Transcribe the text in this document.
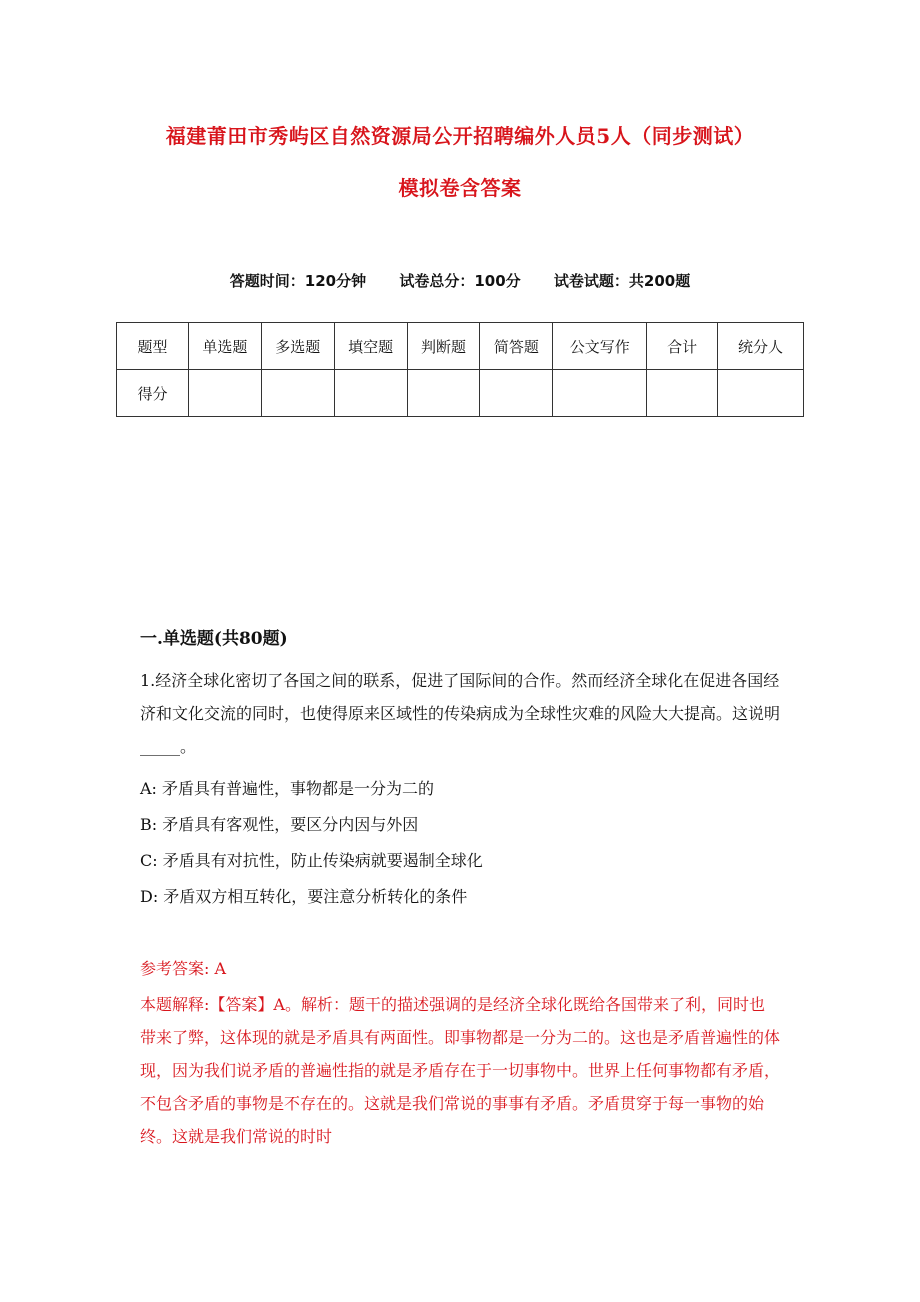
福建莆田市秀屿区自然资源局公开招聘编外人员5人（同步测试）
模拟卷含答案
答题时间：120分钟 试卷总分：100分 试卷试题：共200题
题型	单选题	多选题	填空题	判断题	简答题	公文写作	合计	统分人
得分								
一.单选题(共80题)

1.经济全球化密切了各国之间的联系，促进了国际间的合作。然而经济全球化在促进各国经济和文化交流的同时，也使得原来区域性的传染病成为全球性灾难的风险大大提高。这说明_____。

A: 矛盾具有普遍性，事物都是一分为二的

B: 矛盾具有客观性，要区分内因与外因

C: 矛盾具有对抗性，防止传染病就要遏制全球化

D: 矛盾双方相互转化，要注意分析转化的条件

参考答案: A

本题解释:【答案】A。解析：题干的描述强调的是经济全球化既给各国带来了利，同时也带来了弊，这体现的就是矛盾具有两面性。即事物都是一分为二的。这也是矛盾普遍性的体现，因为我们说矛盾的普遍性指的就是矛盾存在于一切事物中。世界上任何事物都有矛盾，不包含矛盾的事物是不存在的。这就是我们常说的事事有矛盾。矛盾贯穿于每一事物的始终。这就是我们常说的时时
